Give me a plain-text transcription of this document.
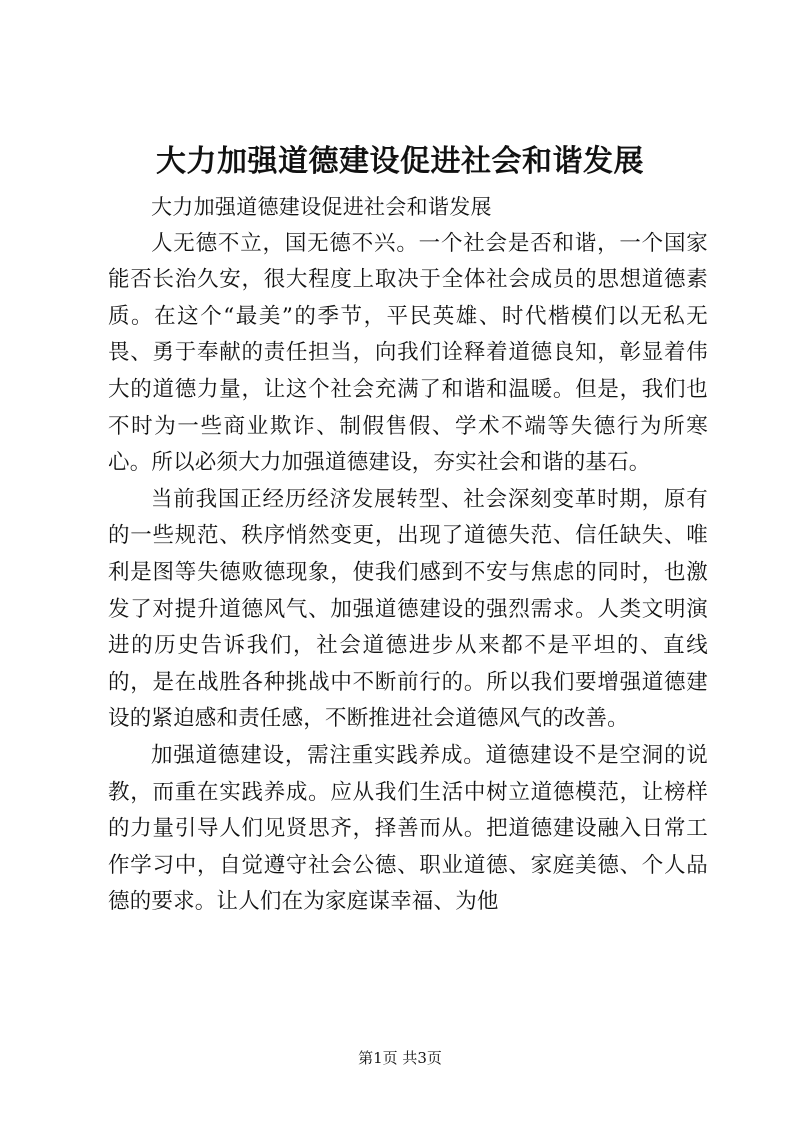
大力加强道德建设促进社会和谐发展

大力加强道德建设促进社会和谐发展

人无德不立，国无德不兴。一个社会是否和谐，一个国家能否长治久安，很大程度上取决于全体社会成员的思想道德素质。在这个“最美”的季节，平民英雄、时代楷模们以无私无畏、勇于奉献的责任担当，向我们诠释着道德良知，彰显着伟大的道德力量，让这个社会充满了和谐和温暖。但是，我们也不时为一些商业欺诈、制假售假、学术不端等失德行为所寒心。所以必须大力加强道德建设，夯实社会和谐的基石。

当前我国正经历经济发展转型、社会深刻变革时期，原有的一些规范、秩序悄然变更，出现了道德失范、信任缺失、唯利是图等失德败德现象，使我们感到不安与焦虑的同时，也激发了对提升道德风气、加强道德建设的强烈需求。人类文明演进的历史告诉我们，社会道德进步从来都不是平坦的、直线的，是在战胜各种挑战中不断前行的。所以我们要增强道德建设的紧迫感和责任感，不断推进社会道德风气的改善。

加强道德建设，需注重实践养成。道德建设不是空洞的说教，而重在实践养成。应从我们生活中树立道德模范，让榜样的力量引导人们见贤思齐，择善而从。把道德建设融入日常工作学习中，自觉遵守社会公德、职业道德、家庭美德、个人品德的要求。让人们在为家庭谋幸福、为他

第1页 共3页
